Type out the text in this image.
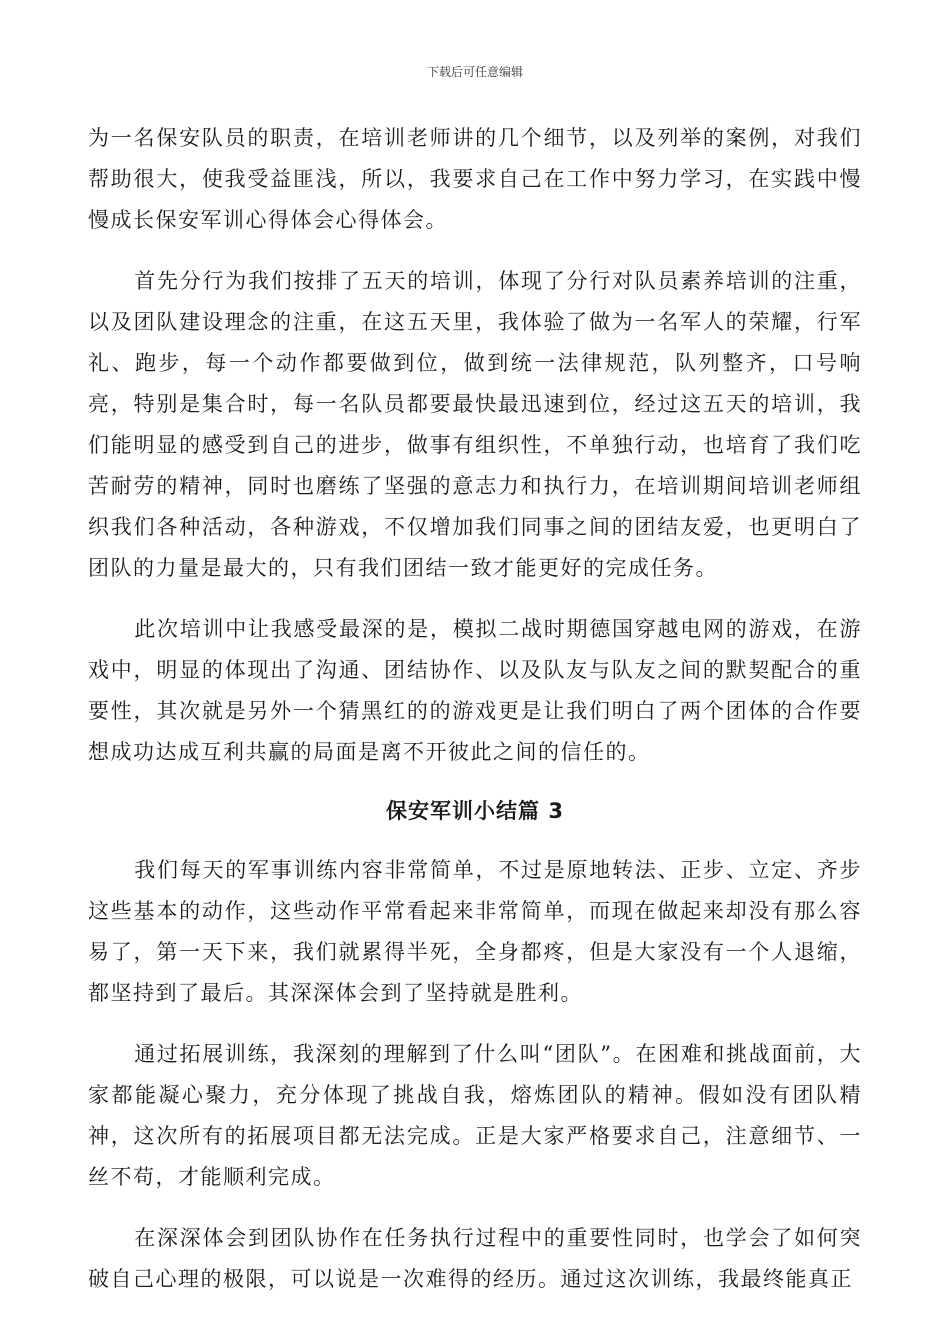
下载后可任意编辑

为一名保安队员的职责，在培训老师讲的几个细节，以及列举的案例，对我们帮助很大，使我受益匪浅，所以，我要求自己在工作中努力学习，在实践中慢慢成长保安军训心得体会心得体会。

首先分行为我们按排了五天的培训，体现了分行对队员素养培训的注重，以及团队建设理念的注重，在这五天里，我体验了做为一名军人的荣耀，行军礼、跑步，每一个动作都要做到位，做到统一法律规范，队列整齐，口号响亮，特别是集合时，每一名队员都要最快最迅速到位，经过这五天的培训，我们能明显的感受到自己的进步，做事有组织性，不单独行动，也培育了我们吃苦耐劳的精神，同时也磨练了坚强的意志力和执行力，在培训期间培训老师组织我们各种活动，各种游戏，不仅增加我们同事之间的团结友爱，也更明白了团队的力量是最大的，只有我们团结一致才能更好的完成任务。

此次培训中让我感受最深的是，模拟二战时期德国穿越电网的游戏，在游戏中，明显的体现出了沟通、团结协作、以及队友与队友之间的默契配合的重要性，其次就是另外一个猜黑红的的游戏更是让我们明白了两个团体的合作要想成功达成互利共赢的局面是离不开彼此之间的信任的。

保安军训小结篇 3

我们每天的军事训练内容非常简单，不过是原地转法、正步、立定、齐步这些基本的动作，这些动作平常看起来非常简单，而现在做起来却没有那么容易了，第一天下来，我们就累得半死，全身都疼，但是大家没有一个人退缩，都坚持到了最后。其深深体会到了坚持就是胜利。

通过拓展训练，我深刻的理解到了什么叫“团队”。在困难和挑战面前，大家都能凝心聚力，充分体现了挑战自我，熔炼团队的精神。假如没有团队精神，这次所有的拓展项目都无法完成。正是大家严格要求自己，注意细节、一丝不苟，才能顺利完成。

在深深体会到团队协作在任务执行过程中的重要性同时，也学会了如何突破自己心理的极限，可以说是一次难得的经历。通过这次训练，我最终能真正
